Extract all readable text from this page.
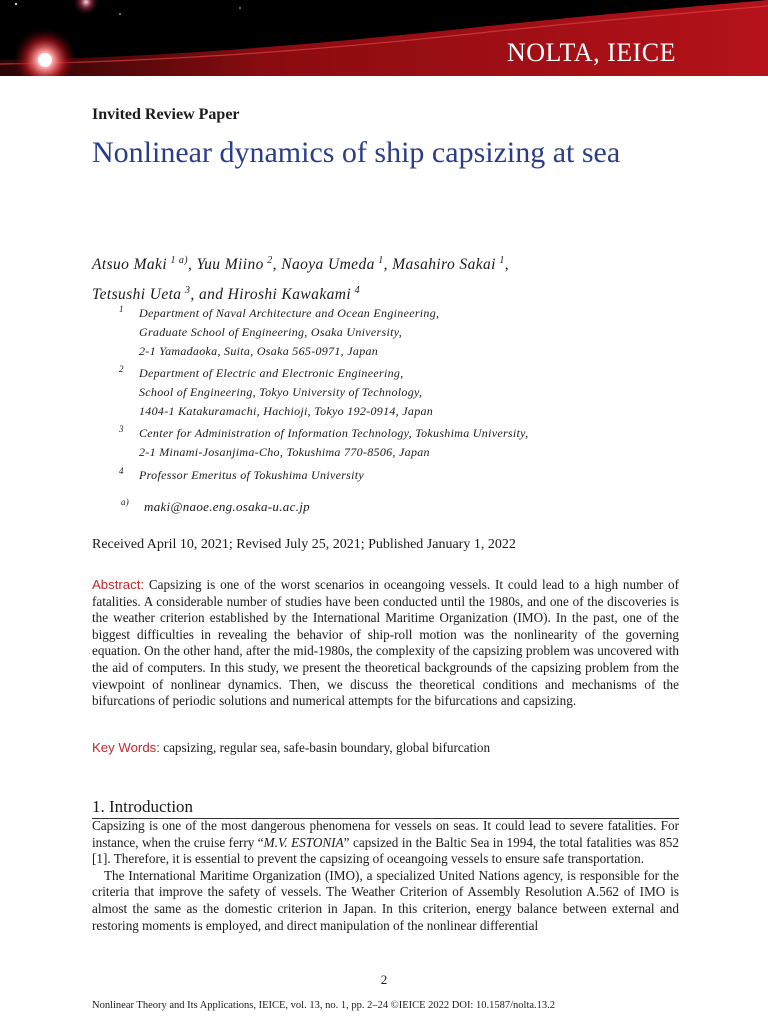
NOLTA, IEICE
Invited Review Paper
Nonlinear dynamics of ship capsizing at sea
Atsuo Maki  $^{1 a)}$, Yuu Miino  $^2$, Naoya Umeda  $^1$, Masahiro Sakai  $^1$,
Tetsushi Ueta  $^3$, and Hiroshi Kawakami  $^4$
1	Department of Naval Architecture and Ocean Engineering,
Graduate School of Engineering, Osaka University,
2-1 Yamadaoka, Suita, Osaka 565-0971, Japan
2	Department of Electric and Electronic Engineering,
School of Engineering, Tokyo University of Technology,
1404-1 Katakuramachi, Hachioji, Tokyo 192-0914, Japan
3	Center for Administration of Information Technology, Tokushima University,
2-1 Minami-Josanjima-Cho, Tokushima 770-8506, Japan
4	Professor Emeritus of Tokushima University
a)	maki@naoe.eng.osaka-u.ac.jp
Received April 10, 2021; Revised July 25, 2021; Published January 1, 2022

Abstract: Capsizing is one of the worst scenarios in oceangoing vessels. It could lead to a high number of fatalities. A considerable number of studies have been conducted until the 1980s, and one of the discoveries is the weather criterion established by the International Maritime Organization (IMO). In the past, one of the biggest difficulties in revealing the behavior of ship-roll motion was the nonlinearity of the governing equation. On the other hand, after the mid-1980s, the complexity of the capsizing problem was uncovered with the aid of computers. In this study, we present the theoretical backgrounds of the capsizing problem from the viewpoint of nonlinear dynamics. Then, we discuss the theoretical conditions and mechanisms of the bifurcations of periodic solutions and numerical attempts for the bifurcations and capsizing.

Key Words: capsizing, regular sea, safe-basin boundary, global bifurcation
1. Introduction

Capsizing is one of the most dangerous phenomena for vessels on seas. It could lead to severe fatalities. For instance, when the cruise ferry “M.V. ESTONIA” capsized in the Baltic Sea in 1994, the total fatalities was 852 [1]. Therefore, it is essential to prevent the capsizing of oceangoing vessels to ensure safe transportation.

The International Maritime Organization (IMO), a specialized United Nations agency, is responsible for the criteria that improve the safety of vessels. The Weather Criterion of Assembly Resolution A.562 of IMO is almost the same as the domestic criterion in Japan. In this criterion, energy balance between external and restoring moments is employed, and direct manipulation of the nonlinear differential

2
Nonlinear Theory and Its Applications, IEICE, vol. 13, no. 1, pp. 2–24 ©IEICE 2022 DOI: 10.1587/nolta.13.2
